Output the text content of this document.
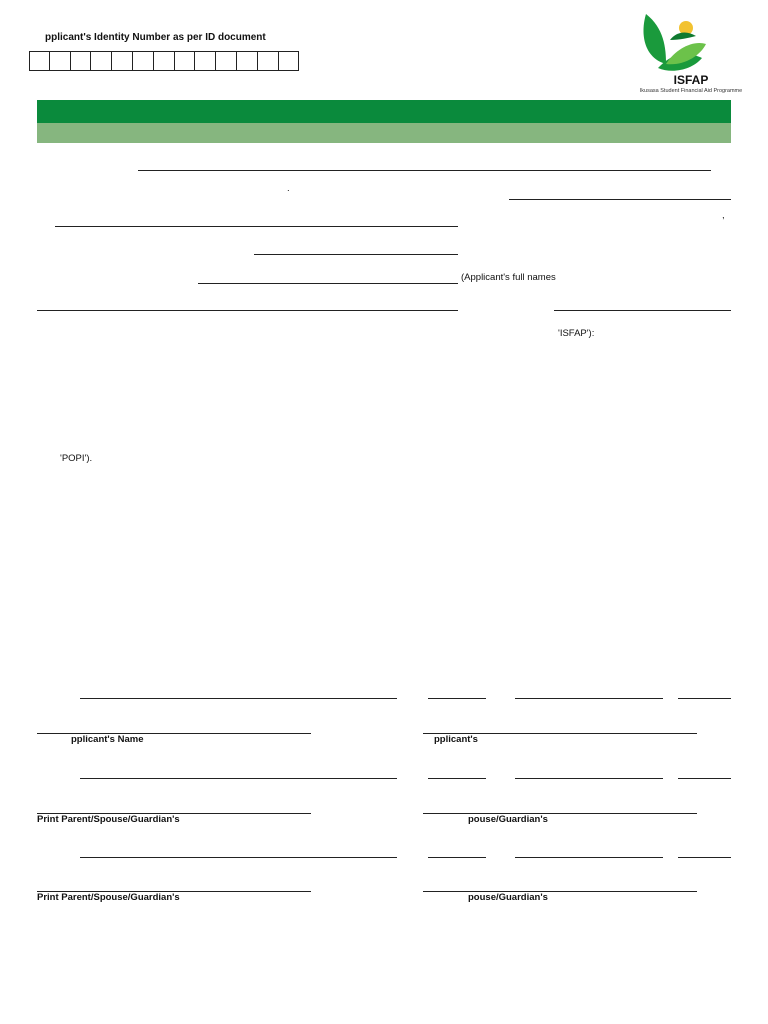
pplicant's Identity Number as per ID document
ISFAP
Ikusasa Student Financial Aid Programme
.
,
(Applicant's full names
'ISFAP'):
'POPI').
pplicant's Name	pplicant's
Print Parent/Spouse/Guardian's	pouse/Guardian's
Print Parent/Spouse/Guardian's	pouse/Guardian's
